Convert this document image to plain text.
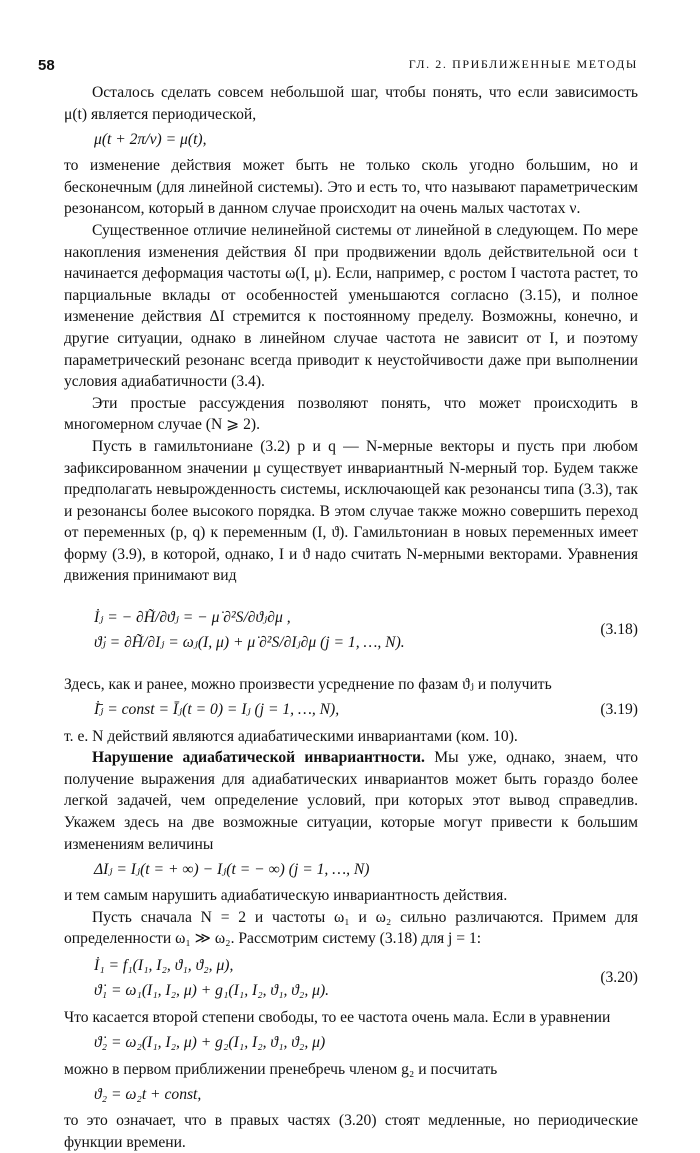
58	ГЛ. 2. ПРИБЛИЖЕННЫЕ МЕТОДЫ

Осталось сделать совсем небольшой шаг, чтобы понять, что если зависимость μ(t) является периодической,

μ(t + 2π/ν) = μ(t),

то изменение действия может быть не только сколь угодно большим, но и бесконечным (для линейной системы). Это и есть то, что называют параметрическим резонансом, который в данном случае происходит на очень малых частотах ν.

Существенное отличие нелинейной системы от линейной в следующем. По мере накопления изменения действия δI при продвижении вдоль действительной оси t начинается деформация частоты ω(I, μ). Если, например, с ростом I частота растет, то парциальные вклады от особенностей уменьшаются согласно (3.15), и полное изменение действия ΔI стремится к постоянному пределу. Возможны, конечно, и другие ситуации, однако в линейном случае частота не зависит от I, и поэтому параметрический резонанс всегда приводит к неустойчивости даже при выполнении условия адиабатичности (3.4).

Эти простые рассуждения позволяют понять, что может происходить в многомерном случае (N ⩾ 2).

Пусть в гамильтониане (3.2) p и q — N-мерные векторы и пусть при любом зафиксированном значении μ существует инвариантный N-мерный тор. Будем также предполагать невырожденность системы, исключающей как резонансы типа (3.3), так и резонансы более высокого порядка. В этом случае также можно совершить переход от переменных (p, q) к переменным (I, ϑ). Гамильтониан в новых переменных имеет форму (3.9), в которой, однако, I и ϑ надо считать N-мерными векторами. Уравнения движения принимают вид

İⱼ = − ∂H̃/∂ϑⱼ = − μ̇ ∂²S/∂ϑⱼ∂μ ,
ϑ̇ⱼ = ∂H̃/∂Iⱼ = ωⱼ(I, μ) + μ̇ ∂²S/∂Iⱼ∂μ (j = 1, …, N).
(3.18)

Здесь, как и ранее, можно произвести усреднение по фазам ϑⱼ и получить

İ̄ⱼ = const = Īⱼ(t = 0) = Iⱼ (j = 1, …, N),	(3.19)

т. е. N действий являются адиабатическими инвариантами (ком. 10).

Нарушение адиабатической инвариантности. Мы уже, однако, знаем, что получение выражения для адиабатических инвариантов может быть гораздо более легкой задачей, чем определение условий, при которых этот вывод справедлив. Укажем здесь на две возможные ситуации, которые могут привести к большим изменениям величины

ΔIⱼ = Iⱼ(t = + ∞) − Iⱼ(t = − ∞) (j = 1, …, N)

и тем самым нарушить адиабатическую инвариантность действия.

Пусть сначала N = 2 и частоты ω₁ и ω₂ сильно различаются. Примем для определенности ω₁ ≫ ω₂. Рассмотрим систему (3.18) для j = 1:

İ₁ = f₁(I₁, I₂, ϑ₁, ϑ₂, μ),
ϑ̇₁ = ω₁(I₁, I₂, μ) + g₁(I₁, I₂, ϑ₁, ϑ₂, μ).
(3.20)

Что касается второй степени свободы, то ее частота очень мала. Если в уравнении

ϑ̇₂ = ω₂(I₁, I₂, μ) + g₂(I₁, I₂, ϑ₁, ϑ₂, μ)

можно в первом приближении пренебречь членом g₂ и посчитать

ϑ₂ = ω₂t + const,

то это означает, что в правых частях (3.20) стоят медленные, но периодические функции времени.
